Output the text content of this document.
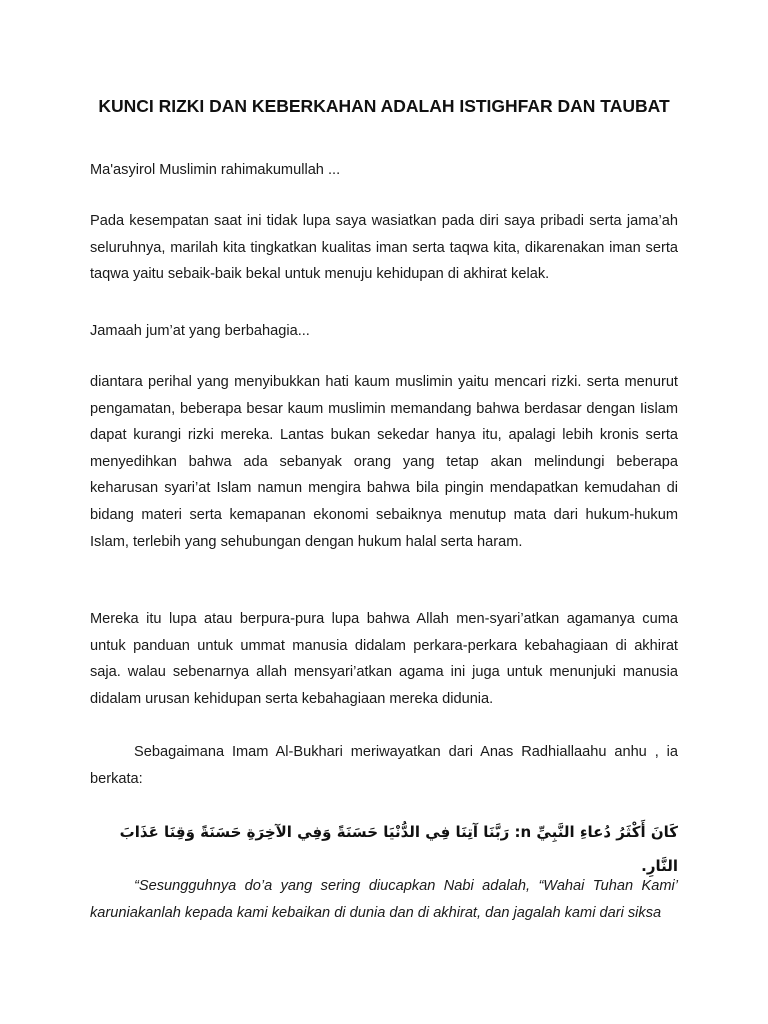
KUNCI RIZKI DAN KEBERKAHAN ADALAH ISTIGHFAR DAN TAUBAT
Ma'asyirol Muslimin rahimakumullah ...
Pada kesempatan saat ini tidak lupa saya wasiatkan pada diri saya pribadi serta jama’ah seluruhnya, marilah kita tingkatkan kualitas iman serta taqwa kita, dikarenakan iman serta taqwa yaitu sebaik-baik bekal untuk menuju kehidupan di akhirat kelak.
Jamaah jum’at yang berbahagia...
diantara perihal yang menyibukkan hati kaum muslimin yaitu mencari rizki. serta menurut pengamatan, beberapa besar kaum muslimin memandang bahwa berdasar dengan Iislam dapat kurangi rizki mereka. Lantas bukan sekedar hanya itu, apalagi lebih kronis serta menyedihkan bahwa ada sebanyak orang yang tetap akan melindungi beberapa keharusan syari’at Islam namun mengira bahwa bila pingin mendapatkan kemudahan di bidang materi serta kemapanan ekonomi sebaiknya menutup mata dari hukum-hukum Islam, terlebih yang sehubungan dengan hukum halal serta haram.
Mereka itu lupa atau berpura-pura lupa bahwa Allah men-syari’atkan agamanya cuma untuk panduan untuk ummat manusia didalam perkara-perkara kebahagiaan di akhirat saja. walau sebenarnya allah mensyari’atkan agama ini juga untuk menunjuki manusia didalam urusan kehidupan serta kebahagiaan mereka didunia.
Sebagaimana Imam Al-Bukhari meriwayatkan dari Anas Radhiallaahu anhu , ia berkata:
كَانَ أَكْثَرُ دُعاءِ النَّبِيِّ n: رَبَّنَا آتِنَا فِي الدُّنْيَا حَسَنَةً وَفِي الآخِرَةِ حَسَنَةً وَقِنَا عَذَابَ النَّارِ.
“Sesungguhnya do’a yang sering diucapkan Nabi adalah, “Wahai Tuhan Kami’ karuniakanlah kepada kami kebaikan di dunia dan di akhirat, dan jagalah kami dari siksa
